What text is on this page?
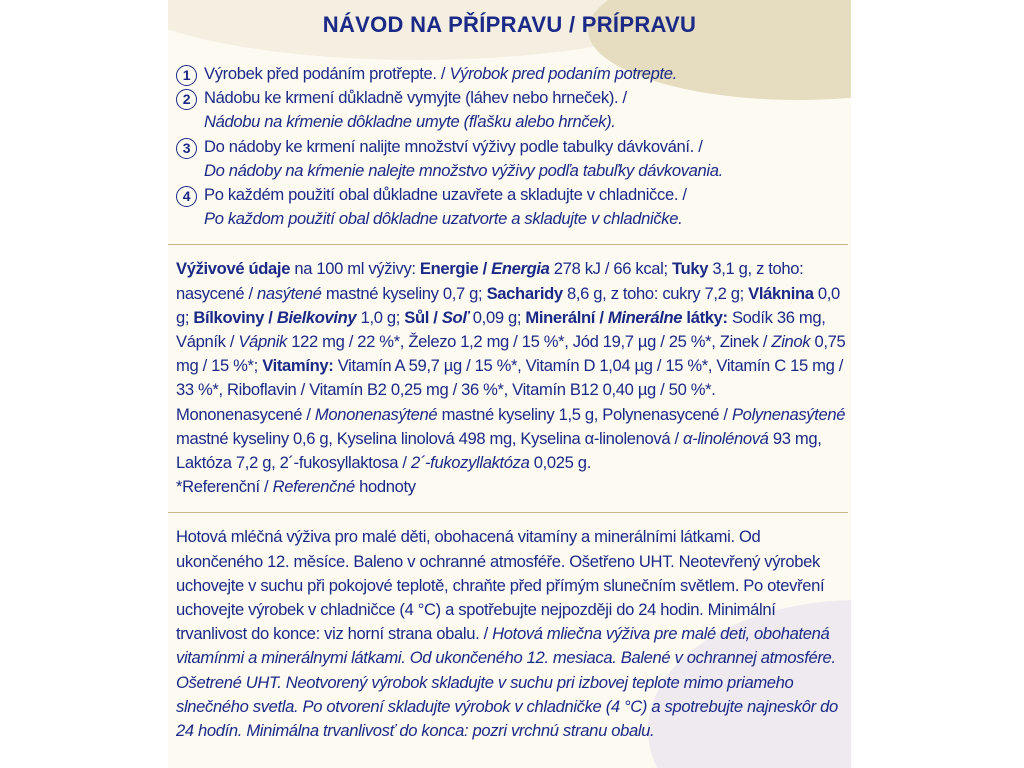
NÁVOD NA PŘÍPRAVU / PRÍPRAVU

1 Výrobek před podáním protřepte. / Výrobok pred podaním potrepte.

2 Nádobu ke krmení důkladně vymyjte (láhev nebo hrneček). /
Nádobu na kŕmenie dôkladne umyte (fľašku alebo hrnček).

3 Do nádoby ke krmení nalijte množství výživy podle tabulky dávkování. /
Do nádoby na kŕmenie nalejte množstvo výživy podľa tabuľky dávkovania.

4 Po každém použití obal důkladne uzavřete a skladujte v chladničce. /
Po každom použití obal dôkladne uzatvorte a skladujte v chladničke.

Výživové údaje na 100 ml výživy: Energie / Energia 278 kJ / 66 kcal; Tuky 3,1 g, z toho: nasycené / nasýtené mastné kyseliny 0,7 g; Sacharidy 8,6 g, z toho: cukry 7,2 g; Vláknina 0,0 g; Bílkoviny / Bielkoviny 1,0 g; Sůl / Soľ 0,09 g; Minerální / Minerálne látky: Sodík 36 mg, Vápník / Vápnik 122 mg / 22 %*, Železo 1,2 mg / 15 %*, Jód 19,7 µg / 25 %*, Zinek / Zinok 0,75 mg / 15 %*; Vitamíny: Vitamín A 59,7 µg / 15 %*, Vitamín D 1,04 µg / 15 %*, Vitamín C 15 mg / 33 %*, Riboflavin / Vitamín B2 0,25 mg / 36 %*, Vitamín B12 0,40 µg / 50 %*.

Mononenasycené / Mononenasýtené mastné kyseliny 1,5 g, Polynenasycené / Polynenasýtené mastné kyseliny 0,6 g, Kyselina linolová 498 mg, Kyselina α-linolenová / α-linolénová 93 mg, Laktóza 7,2 g, 2´-fukosyllaktosa / 2´-fukozyllaktóza 0,025 g.

*Referenční / Referenčné hodnoty

Hotová mléčná výživa pro malé děti, obohacená vitamíny a minerálními látkami. Od ukončeného 12. měsíce. Baleno v ochranné atmosféře. Ošetřeno UHT. Neotevřený výrobek uchovejte v suchu při pokojové teplotě, chraňte před přímým slunečním světlem. Po otevření uchovejte výrobek v chladničce (4 °C) a spotřebujte nejpozději do 24 hodin. Minimální trvanlivost do konce: viz horní strana obalu. / Hotová mliečna výživa pre malé deti, obohatená vitamínmi a minerálnymi látkami. Od ukončeného 12. mesiaca. Balené v ochrannej atmosfére. Ošetrené UHT. Neotvorený výrobok skladujte v suchu pri izbovej teplote mimo priameho slnečného svetla. Po otvorení skladujte výrobok v chladničke (4 °C) a spotrebujte najneskôr do 24 hodín. Minimálna trvanlivosť do konca: pozri vrchnú stranu obalu.
